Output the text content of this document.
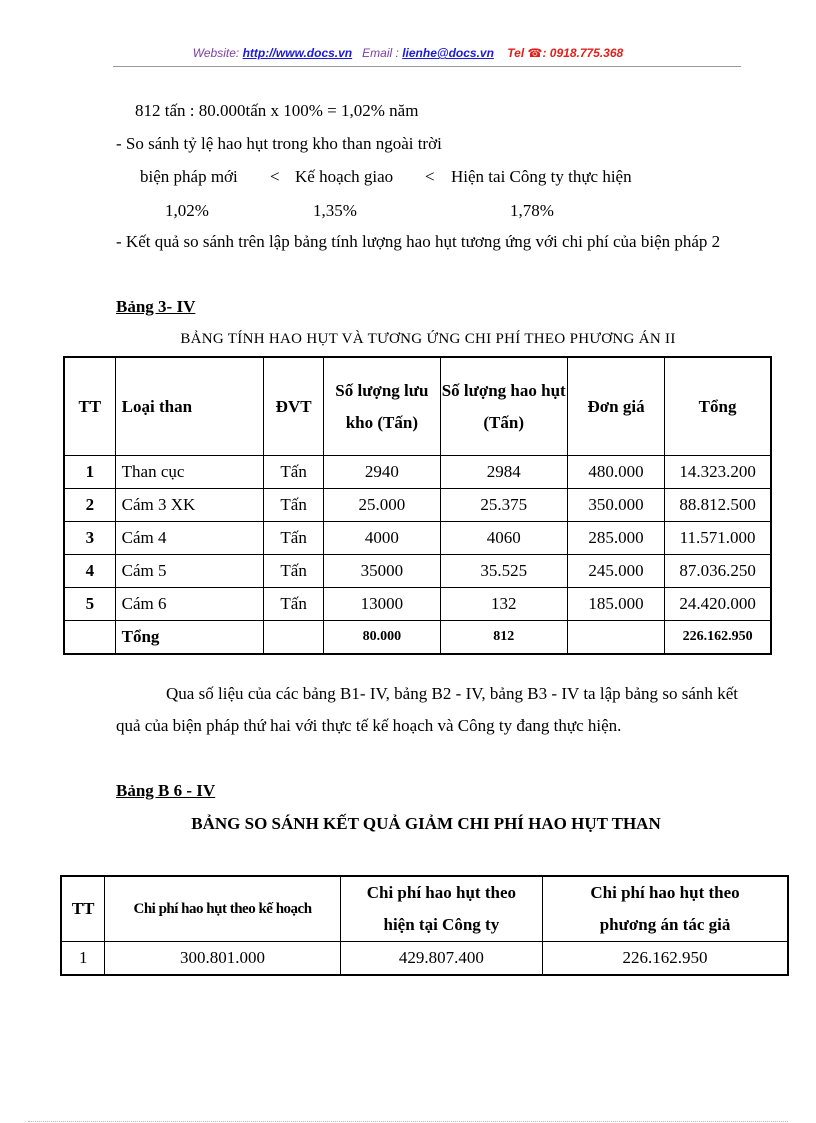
Website: http://www.docs.vn Email : lienhe@docs.vn Tel ☎: 0918.775.368
812 tấn : 80.000tấn x 100% = 1,02% năm
- So sánh tỷ lệ hao hụt trong kho than ngoài trời
biện pháp mới < Kế hoạch giao < Hiện tai Công ty thực hiện
1,02%	1,35%	1,78%
- Kết quả so sánh trên lập bảng tính lượng hao hụt tương ứng với chi phí của biện pháp 2
Bảng 3- IV
BẢNG TÍNH HAO HỤT VÀ TƯƠNG ỨNG CHI PHÍ THEO PHƯƠNG ÁN II
TT	Loại than	ĐVT	Số lượng lưu kho (Tấn)	Số lượng hao hụt (Tấn)	Đơn giá	Tổng
1	Than cục	Tấn	2940	2984	480.000	14.323.200
2	Cám 3 XK	Tấn	25.000	25.375	350.000	88.812.500
3	Cám 4	Tấn	4000	4060	285.000	11.571.000
4	Cám 5	Tấn	35000	35.525	245.000	87.036.250
5	Cám 6	Tấn	13000	132	185.000	24.420.000
	Tổng		80.000	812		226.162.950
Qua số liệu của các bảng B1- IV, bảng B2 - IV, bảng B3 - IV ta lập bảng so sánh kết quả của biện pháp thứ hai với thực tế kế hoạch và Công ty đang thực hiện.
Bảng B 6 - IV
BẢNG SO SÁNH KẾT QUẢ GIẢM CHI PHÍ HAO HỤT THAN
TT	Chi phí hao hụt theo kế hoạch	Chi phí hao hụt theo hiện tại Công ty	Chi phí hao hụt theo phương án tác giả
1	300.801.000	429.807.400	226.162.950
